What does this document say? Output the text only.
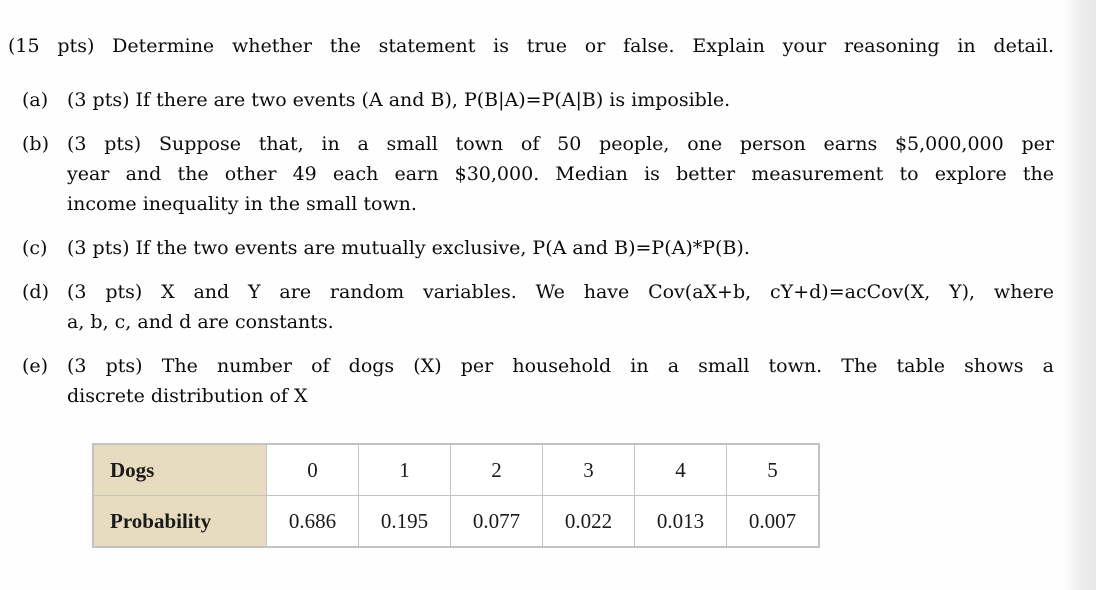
(15 pts) Determine whether the statement is true or false. Explain your reasoning in detail.
(a) (3 pts) If there are two events (A and B), P(B|A)=P(A|B) is imposible.
(b) (3 pts) Suppose that, in a small town of 50 people, one person earns $5,000,000 per
year and the other 49 each earn $30,000. Median is better measurement to explore the
income inequality in the small town.
(c) (3 pts) If the two events are mutually exclusive, P(A and B)=P(A)*P(B).
(d) (3 pts) X and Y are random variables. We have Cov(aX+b, cY+d)=acCov(X, Y), where
a, b, c, and d are constants.
(e) (3 pts) The number of dogs (X) per household in a small town. The table shows a
discrete distribution of X
Dogs	0	1	2	3	4	5
Probability	0.686	0.195	0.077	0.022	0.013	0.007
